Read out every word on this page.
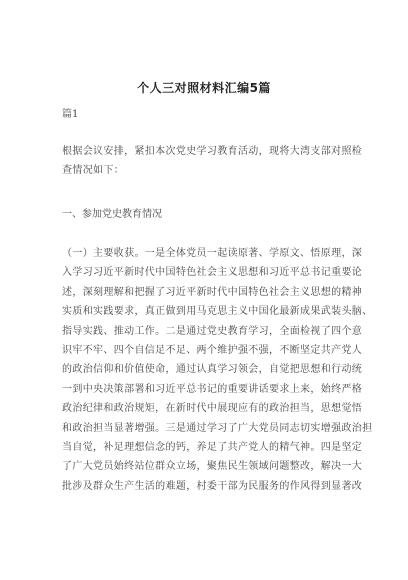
个人三对照材料汇编5篇
篇1

根据会议安排，紧扣本次党史学习教育活动，现将大湾支部对照检
查情况如下：

一、参加党史教育情况

（一）主要收获。一是全体党员一起读原著、学原文、悟原理，深
入学习习近平新时代中国特色社会主义思想和习近平总书记重要论
述，深刻理解和把握了习近平新时代中国特色社会主义思想的精神
实质和实践要求，真正做到用马克思主义中国化最新成果武装头脑、
指导实践、推动工作。二是通过党史教育学习，全面检视了四个意
识牢不牢、四个自信足不足、两个维护强不强，不断坚定共产党人
的政治信仰和价值使命，通过认真学习领会，自觉把思想和行动统
一到中央决策部署和习近平总书记的重要讲话要求上来，始终严格
政治纪律和政治规矩，在新时代中展现应有的政治担当，思想觉悟
和政治担当显著增强。三是通过学习了广大党员同志切实增强政治担
当自觉，补足理想信念的钙，养足了共产党人的精气神。四是坚定
了广大党员始终站位群众立场，聚焦民生领域问题整改，解决一大
批涉及群众生产生活的难题，村委干部为民服务的作风得到显著改
